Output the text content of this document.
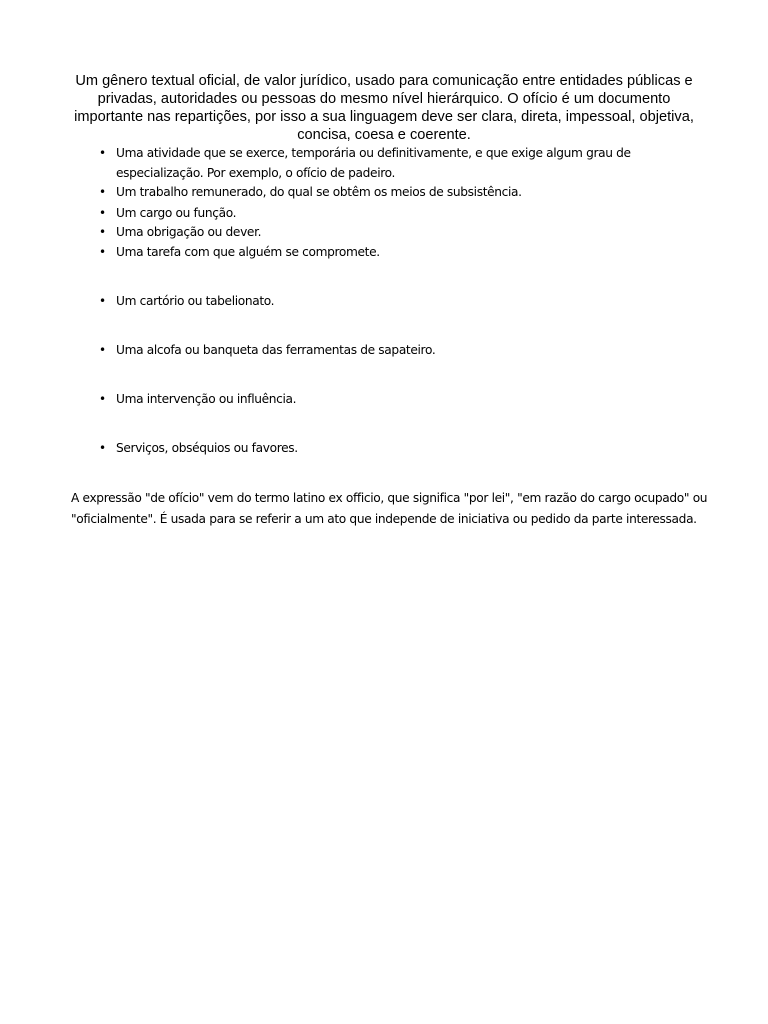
Um gênero textual oficial, de valor jurídico, usado para comunicação entre entidades públicas e privadas, autoridades ou pessoas do mesmo nível hierárquico. O ofício é um documento importante nas repartições, por isso a sua linguagem deve ser clara, direta, impessoal, objetiva, concisa, coesa e coerente.

• Uma atividade que se exerce, temporária ou definitivamente, e que exige algum grau de especialização. Por exemplo, o ofício de padeiro.
• Um trabalho remunerado, do qual se obtêm os meios de subsistência.
• Um cargo ou função.
• Uma obrigação ou dever.
• Uma tarefa com que alguém se compromete.
• Um cartório ou tabelionato.
• Uma alcofa ou banqueta das ferramentas de sapateiro.
• Uma intervenção ou influência.
• Serviços, obséquios ou favores.

A expressão "de ofício" vem do termo latino ex officio, que significa "por lei", "em razão do cargo ocupado" ou "oficialmente". É usada para se referir a um ato que independe de iniciativa ou pedido da parte interessada.
